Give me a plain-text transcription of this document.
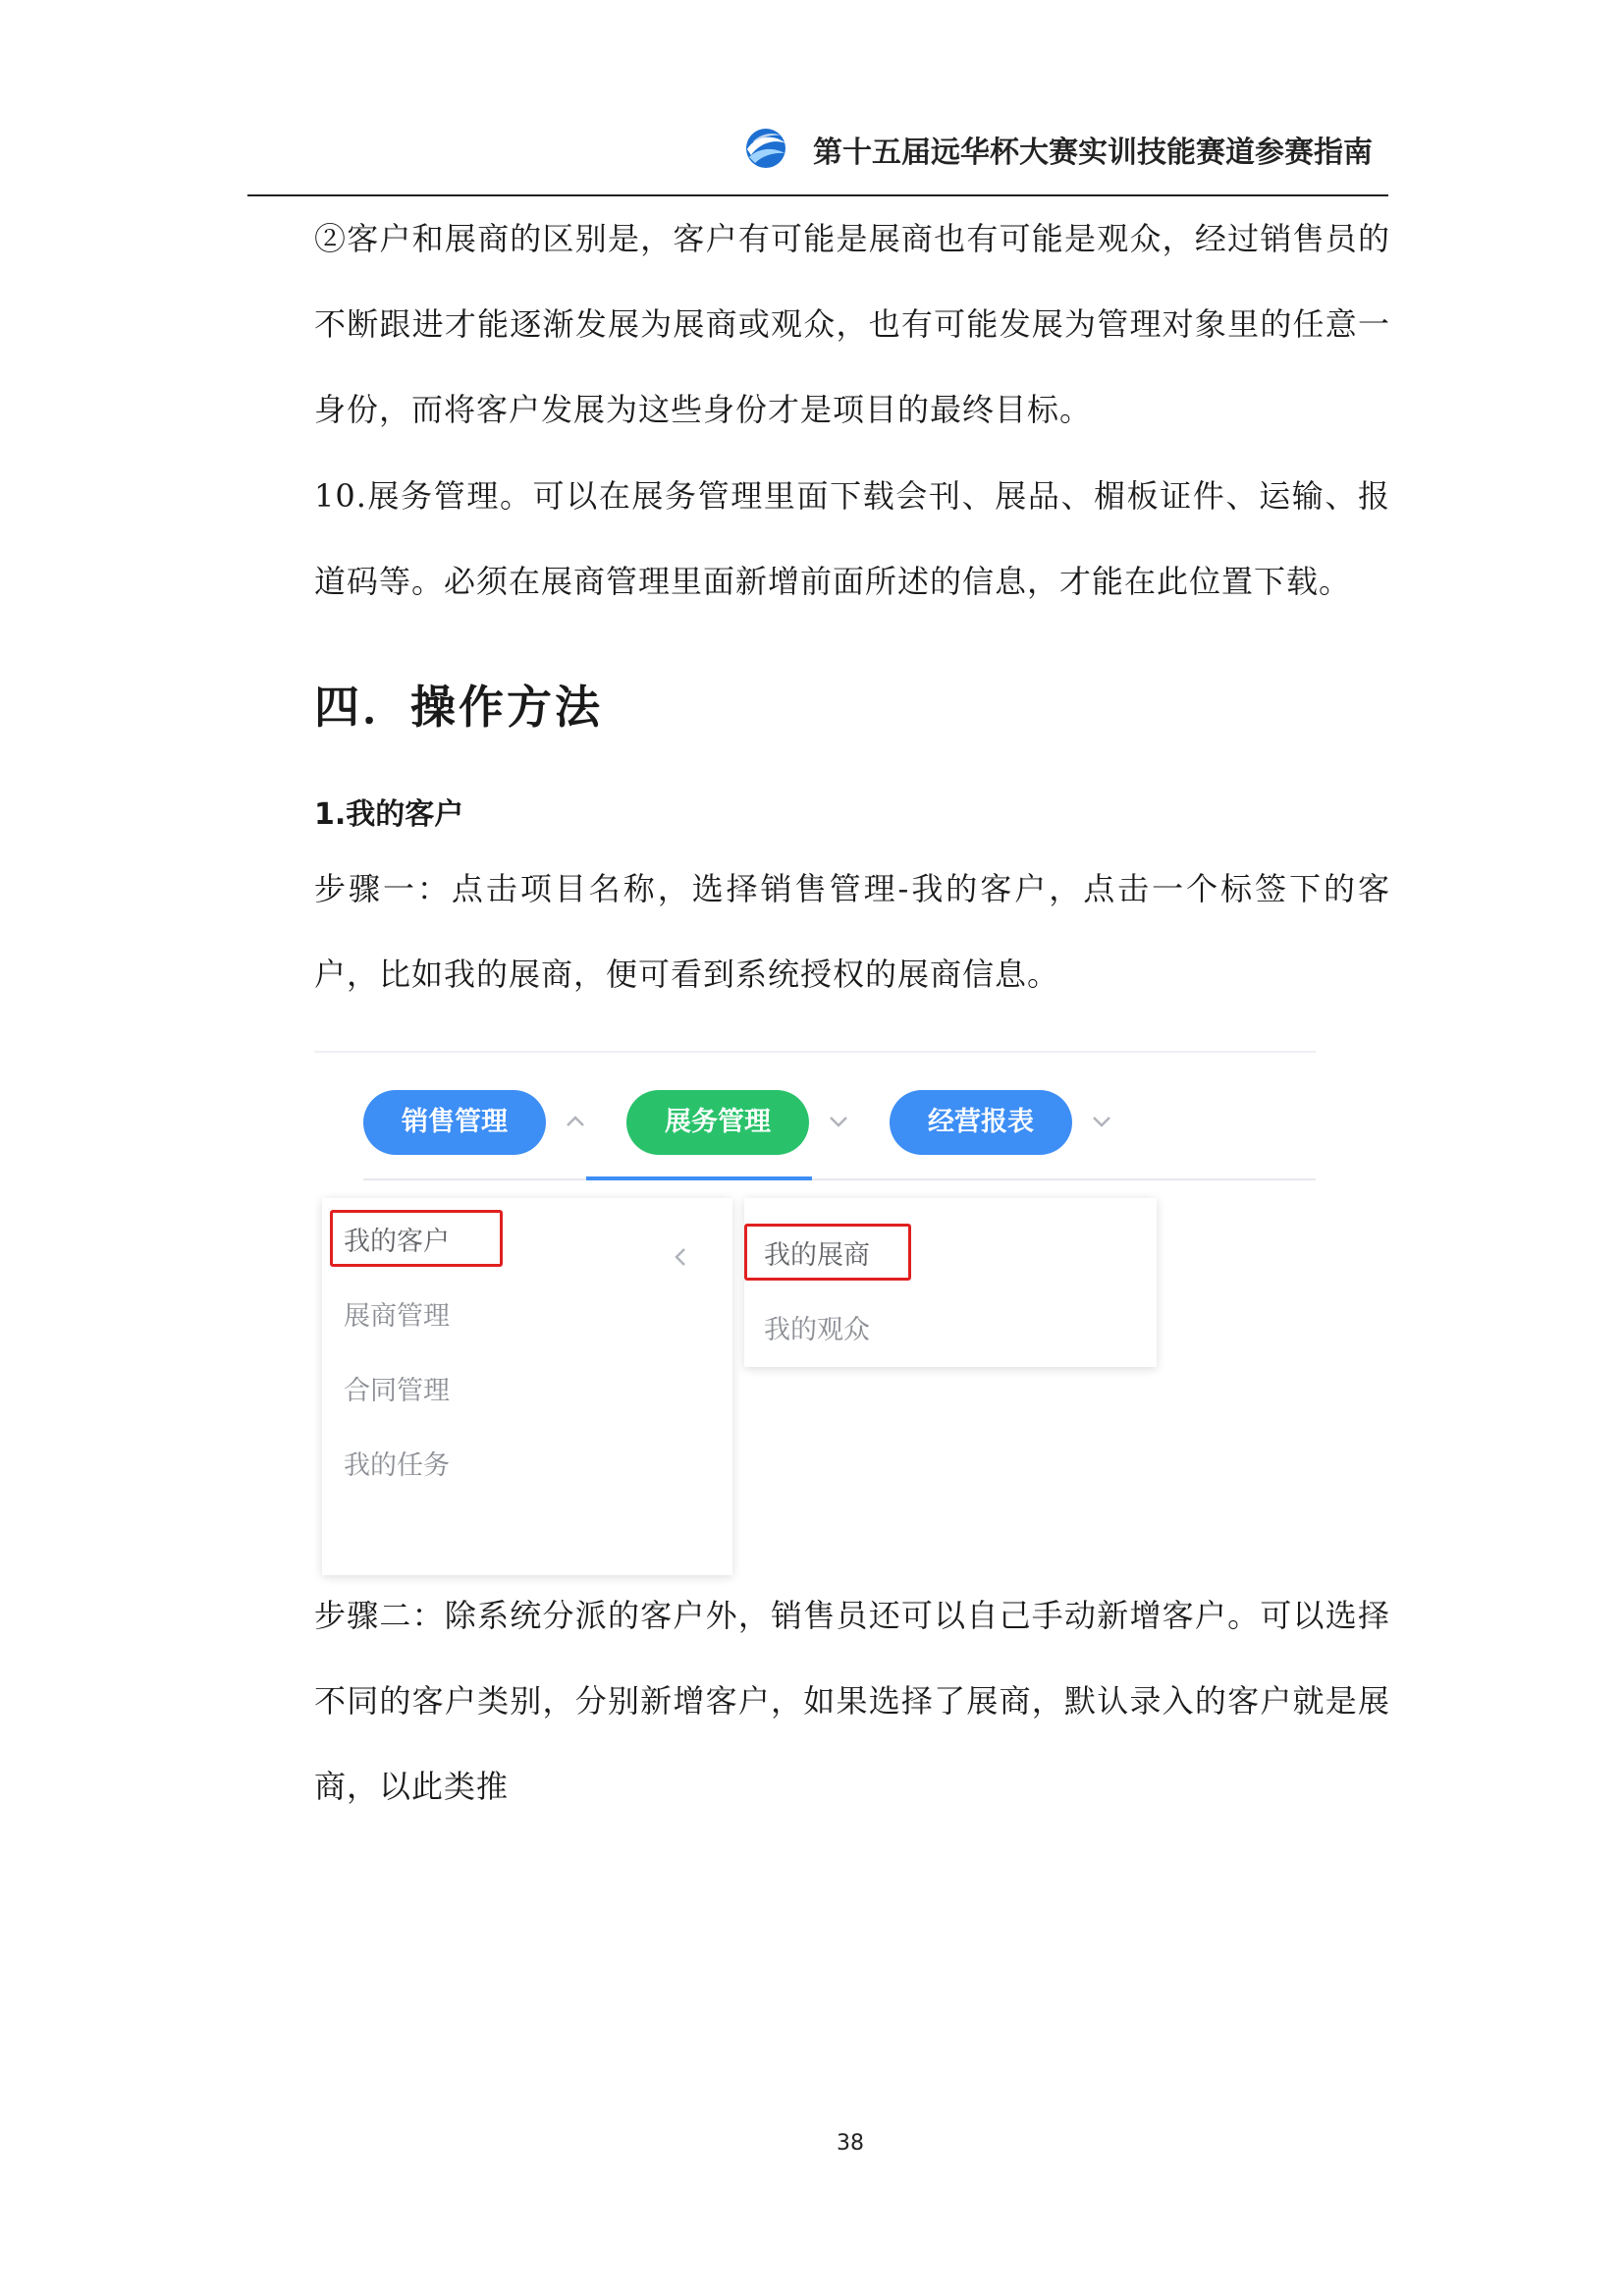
第十五届远华杯大赛实训技能赛道参赛指南

②客户和展商的区别是，客户有可能是展商也有可能是观众，经过销售员的不断跟进才能逐渐发展为展商或观众，也有可能发展为管理对象里的任意一身份，而将客户发展为这些身份才是项目的最终目标。

10.展务管理。可以在展务管理里面下载会刊、展品、楣板证件、运输、报道码等。必须在展商管理里面新增前面所述的信息，才能在此位置下载。

四．操作方法
1.我的客户

步骤一：点击项目名称，选择销售管理-我的客户，点击一个标签下的客户，比如我的展商，便可看到系统授权的展商信息。

销售管理	展务管理	经营报表
我的客户
展商管理
合同管理
我的任务
我的展商
我的观众

步骤二：除系统分派的客户外，销售员还可以自己手动新增客户。可以选择不同的客户类别，分别新增客户，如果选择了展商，默认录入的客户就是展商，以此类推

38
